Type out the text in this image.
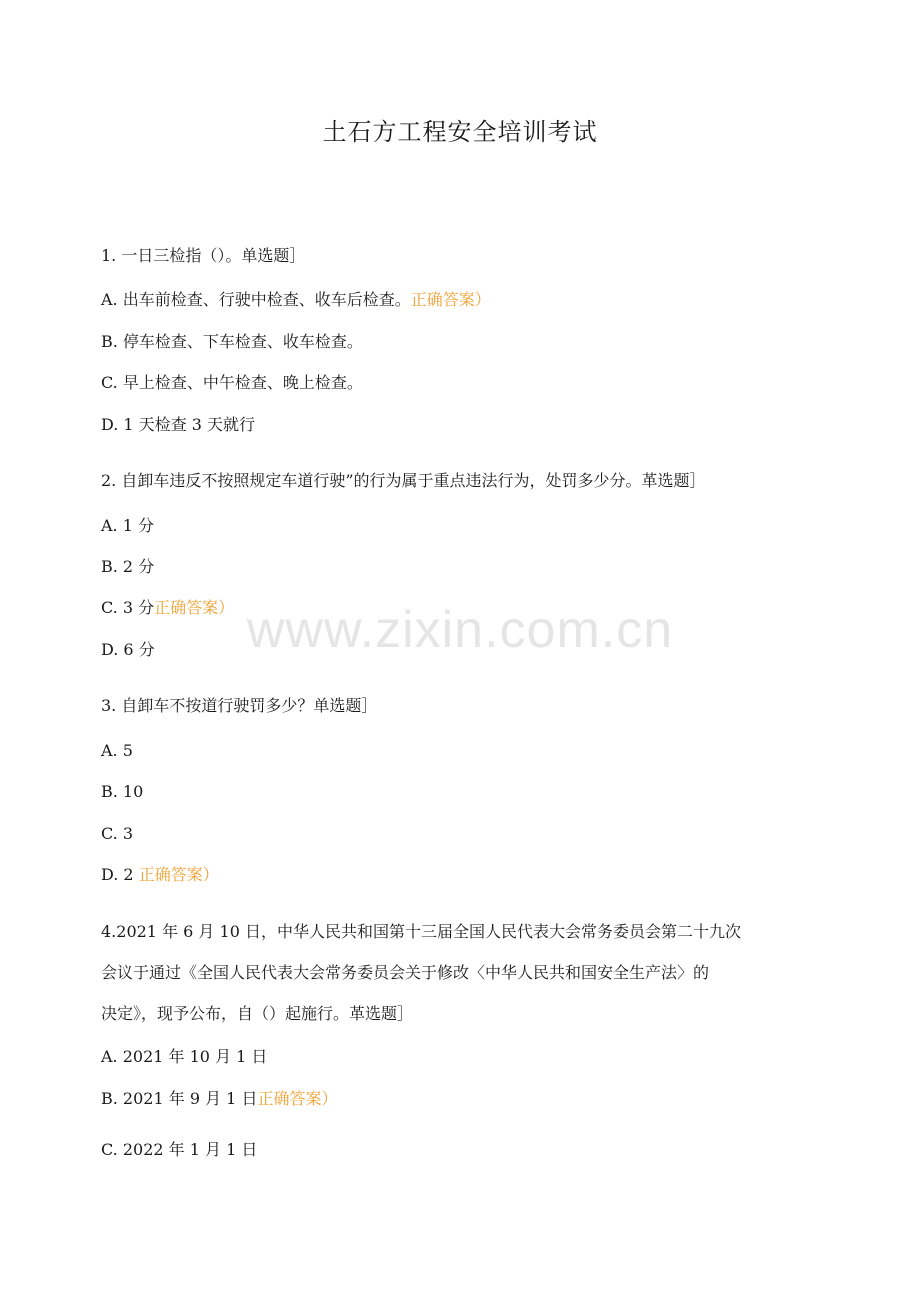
土石方工程安全培训考试
1. 一日三检指（）。单选题］
A. 出车前检查、行驶中检查、收车后检查。正确答案）
B. 停车检查、下车检查、收车检查。
C. 早上检查、中午检查、晚上检查。
D. 1 天检查 3 天就行
2. 自卸车违反不按照规定车道行驶”的行为属于重点违法行为，处罚多少分。革选题］
A. 1 分
B. 2 分
C. 3 分正确答案）
D. 6 分
3. 自卸车不按道行驶罚多少？单选题］
A. 5
B. 10
C. 3
D. 2 正确答案）
4.2021 年 6 月 10 日，中华人民共和国第十三届全国人民代表大会常务委员会第二十九次
会议于通过《全国人民代表大会常务委员会关于修改〈中华人民共和国安全生产法〉的
决定》，现予公布，自（）起施行。革选题］
A. 2021 年 10 月 1 日
B. 2021 年 9 月 1 日正确答案）
C. 2022 年 1 月 1 日
www.zixin.com.cn
